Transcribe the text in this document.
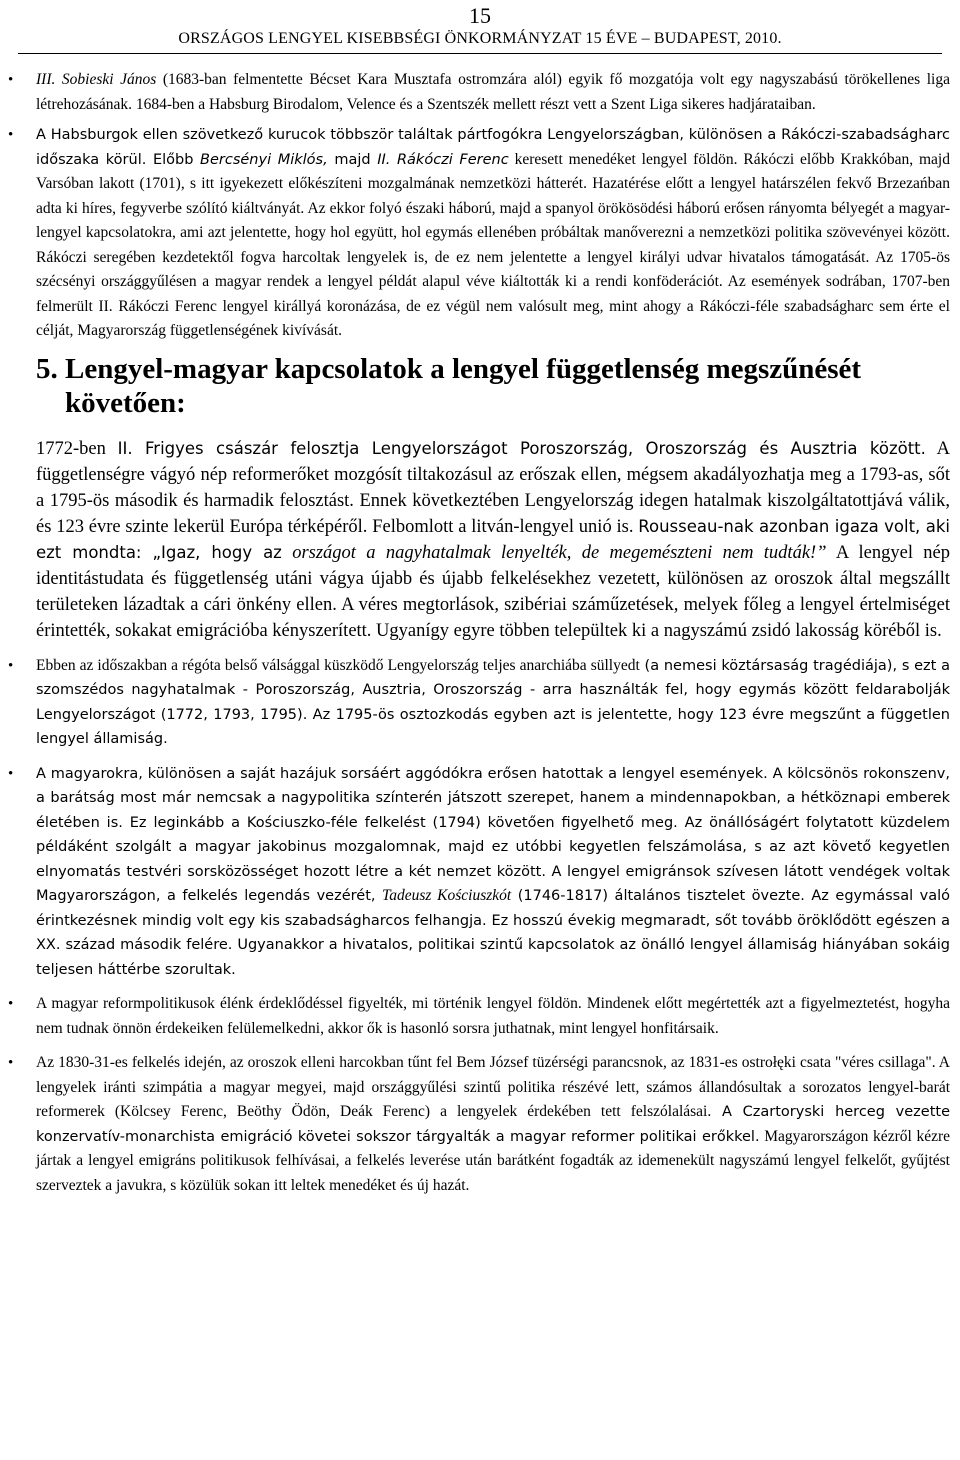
15

ORSZÁGOS LENGYEL KISEBBSÉGI ÖNKORMÁNYZAT 15 ÉVE – BUDAPEST, 2010.

• III. Sobieski János (1683-ban felmentette Bécset Kara Musztafa ostromzára alól) egyik fő mozgatója volt egy nagyszabású törökellenes liga létrehozásának. 1684-ben a Habsburg Birodalom, Velence és a Szentszék mellett részt vett a Szent Liga sikeres hadjárataiban.
• A Habsburgok ellen szövetkező kurucok többször találtak pártfogókra Lengyelországban, különösen a Rákóczi-szabadságharc időszaka körül. Előbb Bercsényi Miklós, majd II. Rákóczi Ferenc keresett menedéket lengyel földön. Rákóczi előbb Krakkóban, majd Varsóban lakott (1701), s itt igyekezett előkészíteni mozgalmának nemzetközi hátterét. Hazatérése előtt a lengyel határszélen fekvő Brzezańban adta ki híres, fegyverbe szólító kiáltványát. Az ekkor folyó északi háború, majd a spanyol örökösödési háború erősen rányomta bélyegét a magyar-lengyel kapcsolatokra, ami azt jelentette, hogy hol együtt, hol egymás ellenében próbáltak manőverezni a nemzetközi politika szövevényei között. Rákóczi seregében kezdetektől fogva harcoltak lengyelek is, de ez nem jelentette a lengyel királyi udvar hivatalos támogatását. Az 1705-ös szécsényi országgyűlésen a magyar rendek a lengyel példát alapul véve kiáltották ki a rendi konföderációt. Az események sodrában, 1707-ben felmerült II. Rákóczi Ferenc lengyel királlyá koronázása, de ez végül nem valósult meg, mint ahogy a Rákóczi-féle szabadságharc sem érte el célját, Magyarország függetlenségének kivívását.
5. Lengyel-magyar kapcsolatok a lengyel függetlenség megszűnését
követően:

1772-ben II. Frigyes császár felosztja Lengyelországot Poroszország, Oroszország és Ausztria között. A függetlenségre vágyó nép reformerőket mozgósít tiltakozásul az erőszak ellen, mégsem akadályozhatja meg a 1793-as, sőt a 1795-ös második és harmadik felosztást. Ennek következtében Lengyelország idegen hatalmak kiszolgáltatottjává válik, és 123 évre szinte lekerül Európa térképéről. Felbomlott a litván-lengyel unió is. Rousseau-nak azonban igaza volt, aki ezt mondta: „Igaz, hogy az országot a nagyhatalmak lenyelték, de megemészteni nem tudták!” A lengyel nép identitástudata és függetlenség utáni vágya újabb és újabb felkelésekhez vezetett, különösen az oroszok által megszállt területeken lázadtak a cári önkény ellen. A véres megtorlások, szibériai száműzetések, melyek főleg a lengyel értelmiséget érintették, sokakat emigrációba kényszerített. Ugyanígy egyre többen települtek ki a nagyszámú zsidó lakosság köréből is.

• Ebben az időszakban a régóta belső válsággal küszködő Lengyelország teljes anarchiába süllyedt (a nemesi köztársaság tragédiája), s ezt a szomszédos nagyhatalmak - Poroszország, Ausztria, Oroszország - arra használták fel, hogy egymás között feldarabolják Lengyelországot (1772, 1793, 1795). Az 1795-ös osztozkodás egyben azt is jelentette, hogy 123 évre megszűnt a független lengyel államiság.
• A magyarokra, különösen a saját hazájuk sorsáért aggódókra erősen hatottak a lengyel események. A kölcsönös rokonszenv, a barátság most már nemcsak a nagypolitika színterén játszott szerepet, hanem a mindennapokban, a hétköznapi emberek életében is. Ez leginkább a Kościuszko-féle felkelést (1794) követően figyelhető meg. Az önállóságért folytatott küzdelem példáként szolgált a magyar jakobinus mozgalomnak, majd ez utóbbi kegyetlen felszámolása, s az azt követő kegyetlen elnyomatás testvéri sorsközösséget hozott létre a két nemzet között. A lengyel emigránsok szívesen látott vendégek voltak Magyarországon, a felkelés legendás vezérét, Tadeusz Kościuszkót (1746-1817) általános tisztelet övezte. Az egymással való érintkezésnek mindig volt egy kis szabadságharcos felhangja. Ez hosszú évekig megmaradt, sőt tovább öröklődött egészen a XX. század második felére. Ugyanakkor a hivatalos, politikai szintű kapcsolatok az önálló lengyel államiság hiányában sokáig teljesen háttérbe szorultak.
• A magyar reformpolitikusok élénk érdeklődéssel figyelték, mi történik lengyel földön. Mindenek előtt megértették azt a figyelmeztetést, hogyha nem tudnak önnön érdekeiken felülemelkedni, akkor ők is hasonló sorsra juthatnak, mint lengyel honfitársaik.
• Az 1830-31-es felkelés idején, az oroszok elleni harcokban tűnt fel Bem József tüzérségi parancsnok, az 1831-es ostrołęki csata "véres csillaga". A lengyelek iránti szimpátia a magyar megyei, majd országgyűlési szintű politika részévé lett, számos állandósultak a sorozatos lengyel-barát reformerek (Kölcsey Ferenc, Beöthy Ödön, Deák Ferenc) a lengyelek érdekében tett felszólalásai. A Czartoryski herceg vezette konzervatív-monarchista emigráció követei sokszor tárgyalták a magyar reformer politikai erőkkel. Magyarországon kézről kézre jártak a lengyel emigráns politikusok felhívásai, a felkelés leverése után barátként fogadták az idemenekült nagyszámú lengyel felkelőt, gyűjtést szerveztek a javukra, s közülük sokan itt leltek menedéket és új hazát.
